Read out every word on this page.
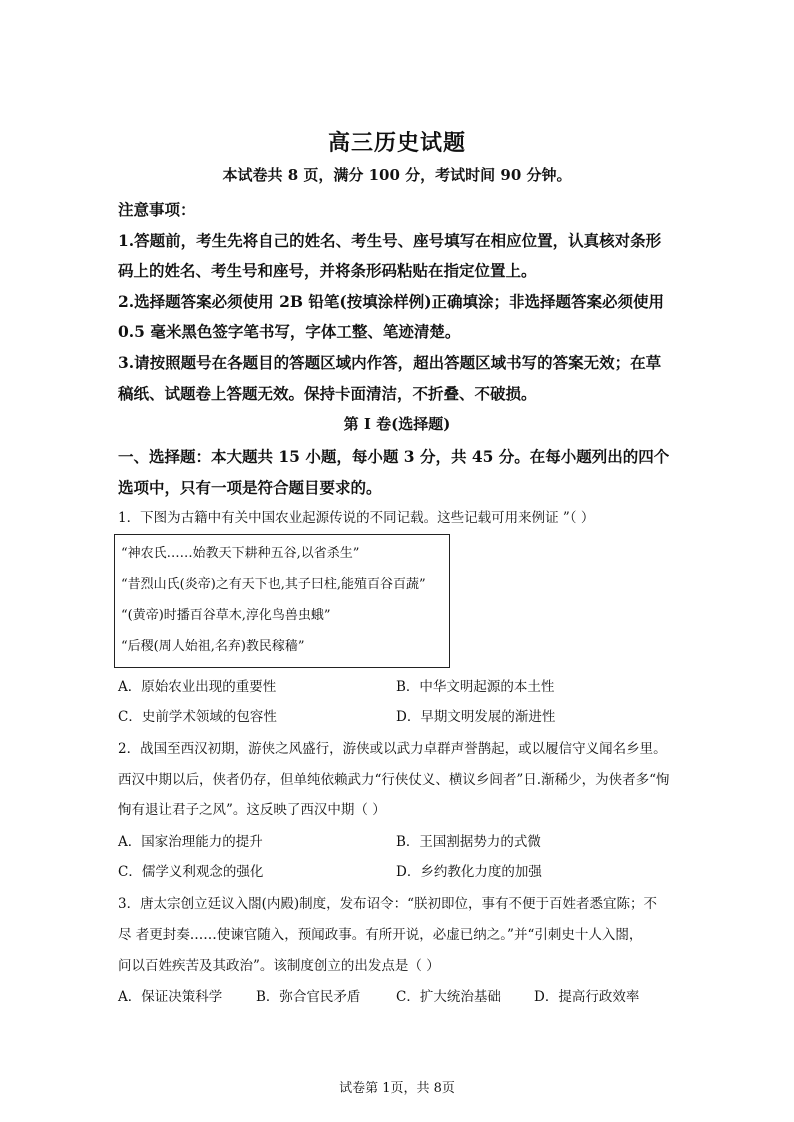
高三历史试题
本试卷共 8 页，满分 100 分，考试时间 90 分钟。
注意事项：
1.答题前，考生先将自己的姓名、考生号、座号填写在相应位置，认真核对条形
码上的姓名、考生号和座号，并将条形码粘贴在指定位置上。
2.选择题答案必须使用 2B 铅笔(按填涂样例)正确填涂；非选择题答案必须使用
0.5 毫米黑色签字笔书写，字体工整、笔迹清楚。
3.请按照题号在各题目的答题区域内作答，超出答题区域书写的答案无效；在草
稿纸、试题卷上答题无效。保持卡面清洁，不折叠、不破损。
第 I 卷(选择题)
一、选择题：本大题共 15 小题，每小题 3 分，共 45 分。在每小题列出的四个
选项中，只有一项是符合题目要求的。
1．下图为古籍中有关中国农业起源传说的不同记载。这些记载可用来例证 ”（ ）
“神农氏……始教天下耕种五谷,以省杀生”
“昔烈山氏(炎帝)之有天下也,其子曰柱,能殖百谷百蔬”
“(黄帝)时播百谷草木,淳化鸟兽虫蛾”
“后稷(周人始祖,名弃)教民稼穑”
A．原始农业出现的重要性	B．中华文明起源的本土性
C．史前学术领域的包容性	D．早期文明发展的渐进性
2．战国至西汉初期，游侠之风盛行，游侠或以武力卓群声誉鹊起，或以履信守义闻名乡里。
西汉中期以后，侠者仍存，但单纯依赖武力“行侠仗义、横议乡闾者”日.渐稀少，为侠者多“恂
恂有退让君子之风”。这反映了西汉中期（ ）
A．国家治理能力的提升	B．王国割据势力的式微
C．儒学义利观念的强化	D．乡约教化力度的加强
3．唐太宗创立廷议入閤(内殿)制度，发布诏令：“朕初即位，事有不便于百姓者悉宜陈；不
尽 者更封奏……使谏官随入，预闻政事。有所开说，必虚已纳之。”并“引刺史十人入閤，
问以百姓疾苦及其政治”。该制度创立的出发点是（ ）
A．保证决策科学	B．弥合官民矛盾	C．扩大统治基础 D．提高行政效率
试卷第 1页，共 8页
